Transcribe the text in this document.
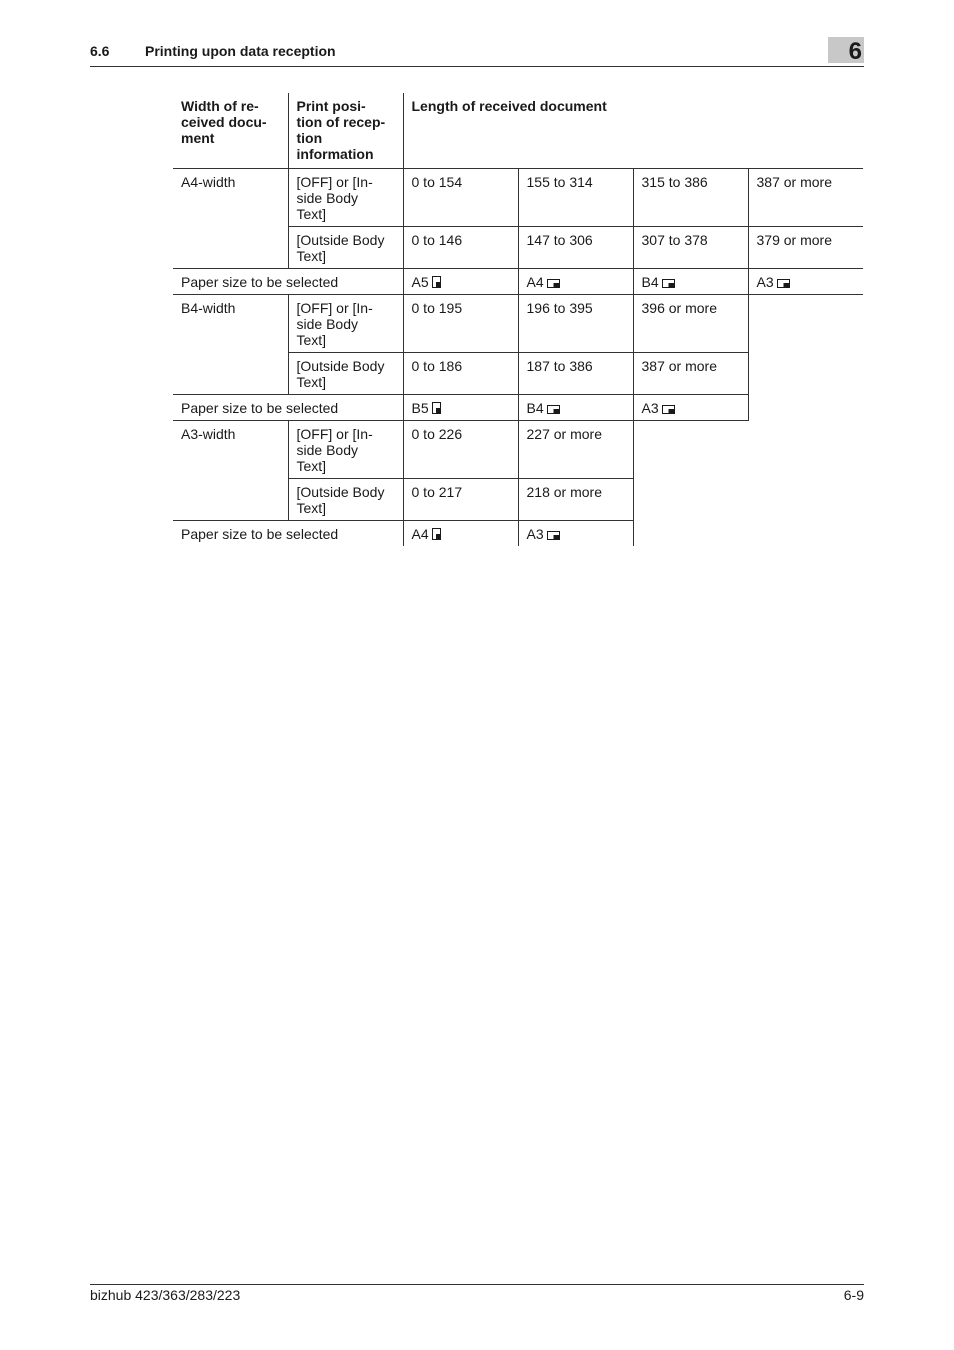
6.6	Printing upon data reception	6
Width of re-
ceived docu-
ment	Print posi-
tion of recep-
tion
information	Length of received document			
A4-width	[OFF] or [In-
side Body
Text]	0 to 154	155 to 314	315 to 386	387 or more
	[Outside Body
Text]	0 to 146	147 to 306	307 to 378	379 or more
Paper size to be selected		A5	A4	B4	A3
B4-width	[OFF] or [In-
side Body
Text]	0 to 195	196 to 395	396 or more	
	[Outside Body
Text]	0 to 186	187 to 386	387 or more	
Paper size to be selected		B5	B4	A3	
A3-width	[OFF] or [In-
side Body
Text]	0 to 226	227 or more		
	[Outside Body
Text]	0 to 217	218 or more		
Paper size to be selected		A4	A3		
bizhub 423/363/283/223	6-9
